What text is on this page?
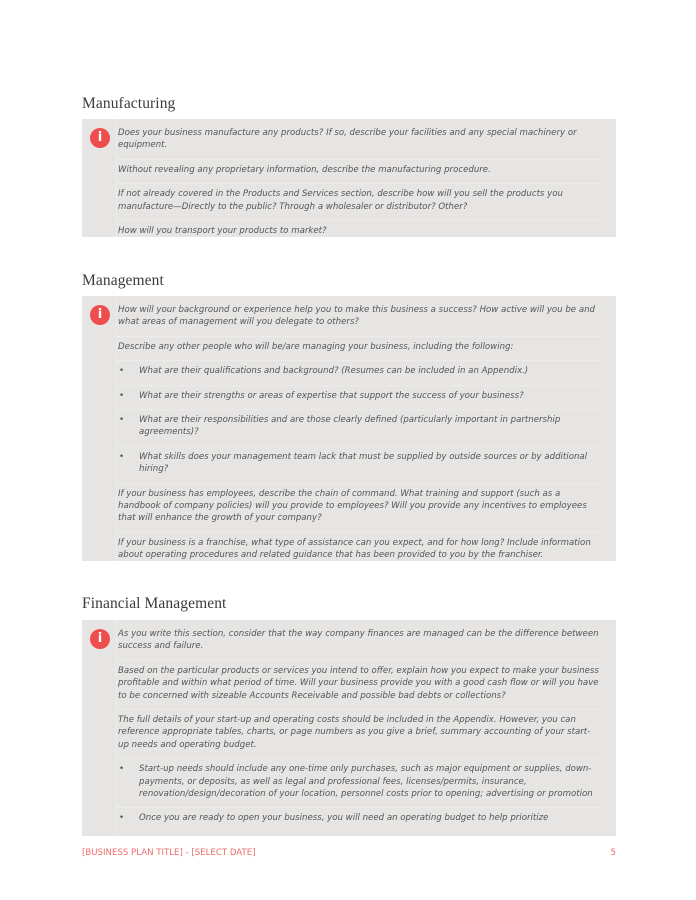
Manufacturing
i	Does your business manufacture any products? If so, describe your facilities and any special machinery or equipment.
Without revealing any proprietary information, describe the manufacturing procedure.
If not already covered in the Products and Services section, describe how will you sell the products you manufacture—Directly to the public? Through a wholesaler or distributor? Other?
How will you transport your products to market?
Management
i	How will your background or experience help you to make this business a success? How active will you be and what areas of management will you delegate to others?
Describe any other people who will be/are managing your business, including the following:
• What are their qualifications and background? (Resumes can be included in an Appendix.)
• What are their strengths or areas of expertise that support the success of your business?
• What are their responsibilities and are those clearly defined (particularly important in partnership agreements)?
• What skills does your management team lack that must be supplied by outside sources or by additional hiring?
If your business has employees, describe the chain of command. What training and support (such as a handbook of company policies) will you provide to employees? Will you provide any incentives to employees that will enhance the growth of your company?
If your business is a franchise, what type of assistance can you expect, and for how long? Include information about operating procedures and related guidance that has been provided to you by the franchiser.
Financial Management
i	As you write this section, consider that the way company finances are managed can be the difference between success and failure.
Based on the particular products or services you intend to offer, explain how you expect to make your business profitable and within what period of time. Will your business provide you with a good cash flow or will you have to be concerned with sizeable Accounts Receivable and possible bad debts or collections?
The full details of your start-up and operating costs should be included in the Appendix. However, you can reference appropriate tables, charts, or page numbers as you give a brief, summary accounting of your start-up needs and operating budget.
• Start-up needs should include any one-time only purchases, such as major equipment or supplies, down-payments, or deposits, as well as legal and professional fees, licenses/permits, insurance, renovation/design/decoration of your location, personnel costs prior to opening; advertising or promotion
• Once you are ready to open your business, you will need an operating budget to help prioritize
[BUSINESS PLAN TITLE] - [SELECT DATE]	5
